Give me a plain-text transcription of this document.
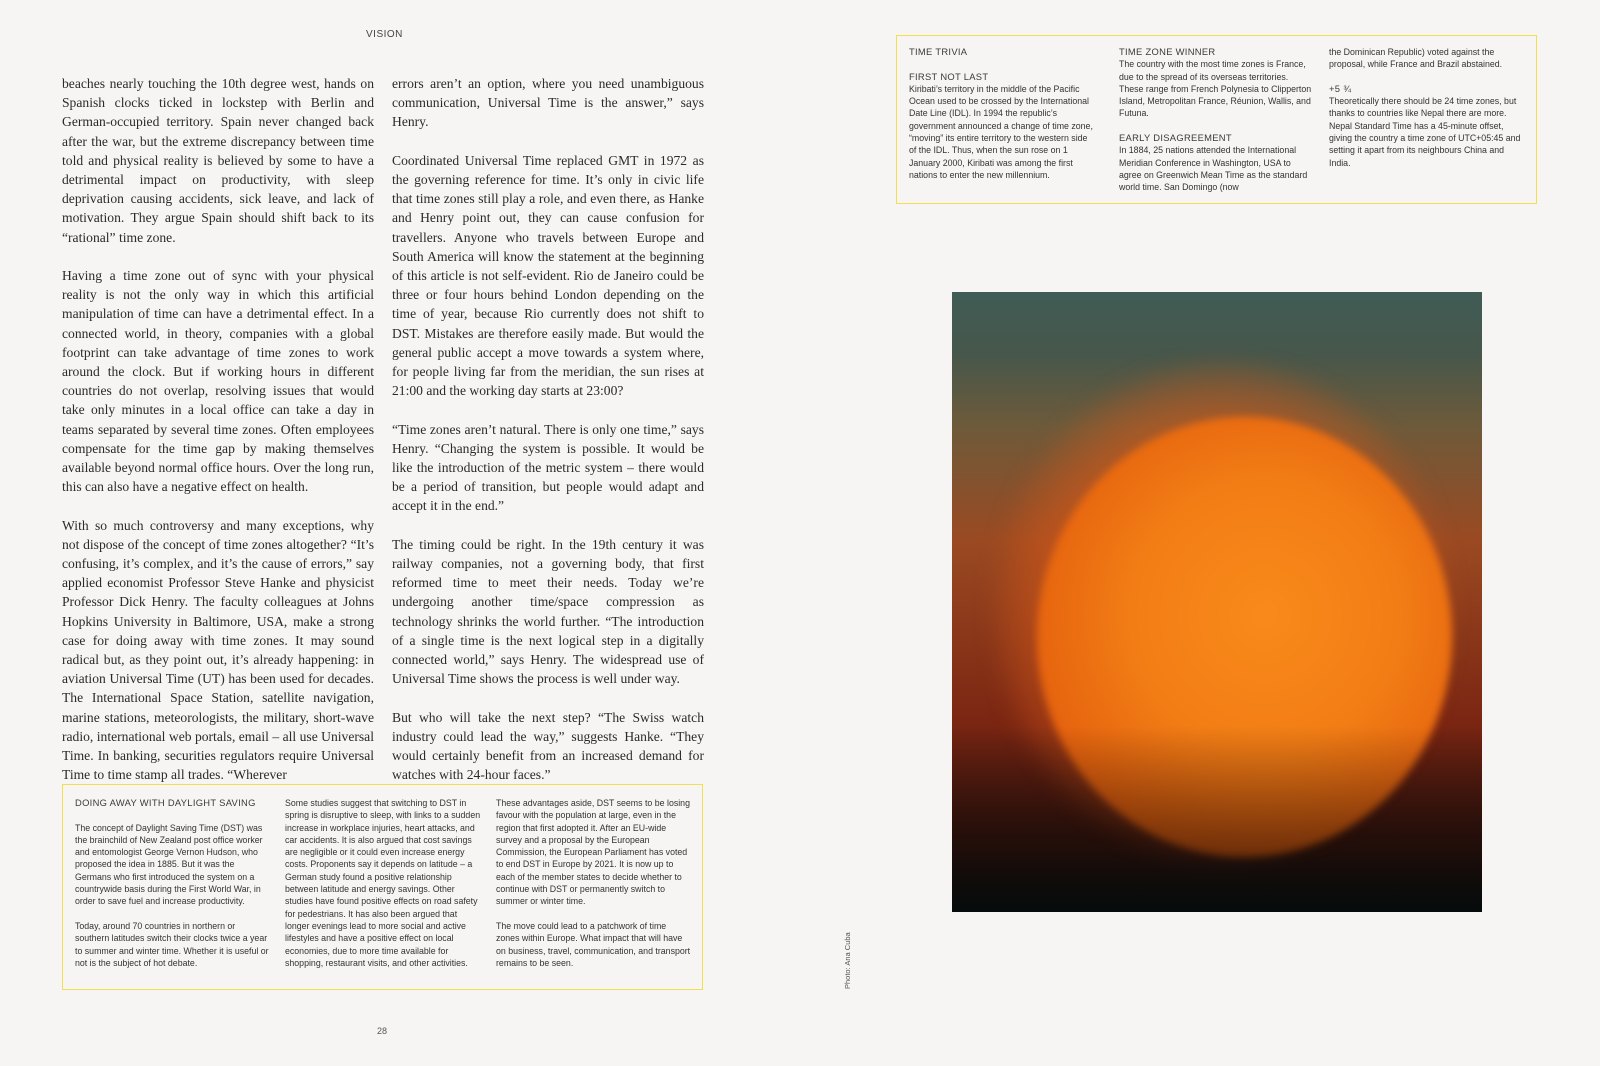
VISION

beaches nearly touching the 10th degree west, hands on Spanish clocks ticked in lockstep with Berlin and German-occupied territory. Spain never changed back after the war, but the extreme discrepancy between time told and physical reality is believed by some to have a detrimental impact on productivity, with sleep deprivation causing accidents, sick leave, and lack of motivation. They argue Spain should shift back to its “rational” time zone.

Having a time zone out of sync with your physical reality is not the only way in which this artificial manipulation of time can have a detrimental effect. In a connected world, in theory, companies with a global footprint can take advantage of time zones to work around the clock. But if working hours in different countries do not overlap, resolving issues that would take only minutes in a local office can take a day in teams separated by several time zones. Often employees compensate for the time gap by making themselves available beyond normal office hours. Over the long run, this can also have a negative effect on health.

With so much controversy and many exceptions, why not dispose of the concept of time zones altogether? “It’s confusing, it’s complex, and it’s the cause of errors,” say applied economist Professor Steve Hanke and physicist Professor Dick Henry. The faculty colleagues at Johns Hopkins University in Baltimore, USA, make a strong case for doing away with time zones. It may sound radical but, as they point out, it’s already happening: in aviation Universal Time (UT) has been used for decades. The International Space Station, satellite navigation, marine stations, meteorologists, the military, short-wave radio, international web portals, email – all use Universal Time. In banking, securities regulators require Universal Time to time stamp all trades. “Wherever

errors aren’t an option, where you need unambiguous communication, Universal Time is the answer,” says Henry.

Coordinated Universal Time replaced GMT in 1972 as the governing reference for time. It’s only in civic life that time zones still play a role, and even there, as Hanke and Henry point out, they can cause confusion for travellers. Anyone who travels between Europe and South America will know the statement at the beginning of this article is not self-evident. Rio de Janeiro could be three or four hours behind London depending on the time of year, because Rio currently does not shift to DST. Mistakes are therefore easily made. But would the general public accept a move towards a system where, for people living far from the meridian, the sun rises at 21:00 and the working day starts at 23:00?

“Time zones aren’t natural. There is only one time,” says Henry. “Changing the system is possible. It would be like the introduction of the metric system – there would be a period of transition, but people would adapt and accept it in the end.”

The timing could be right. In the 19th century it was railway companies, not a governing body, that first reformed time to meet their needs. Today we’re undergoing another time/space compression as technology shrinks the world further. “The introduction of a single time is the next logical step in a digitally connected world,” says Henry. The widespread use of Universal Time shows the process is well under way.

But who will take the next step? “The Swiss watch industry could lead the way,” suggests Hanke. “They would certainly benefit from an increased demand for watches with 24-hour faces.”

TIME TRIVIA

FIRST NOT LAST

Kiribati’s territory in the middle of the Pacific Ocean used to be crossed by the International Date Line (IDL). In 1994 the republic’s government announced a change of time zone, “moving” its entire territory to the western side of the IDL. Thus, when the sun rose on 1 January 2000, Kiribati was among the first nations to enter the new millennium.

TIME ZONE WINNER

The country with the most time zones is France, due to the spread of its overseas territories. These range from French Polynesia to Clipperton Island, Metropolitan France, Réunion, Wallis, and Futuna.

EARLY DISAGREEMENT

In 1884, 25 nations attended the International Meridian Conference in Washington, USA to agree on Greenwich Mean Time as the standard world time. San Domingo (now

the Dominican Republic) voted against the proposal, while France and Brazil abstained.

+5 ¾

Theoretically there should be 24 time zones, but thanks to countries like Nepal there are more. Nepal Standard Time has a 45-minute offset, giving the country a time zone of UTC+05:45 and setting it apart from its neighbours China and India.

DOING AWAY WITH DAYLIGHT SAVING

The concept of Daylight Saving Time (DST) was the brainchild of New Zealand post office worker and entomologist George Vernon Hudson, who proposed the idea in 1885. But it was the Germans who first introduced the system on a countrywide basis during the First World War, in order to save fuel and increase productivity.

Today, around 70 countries in northern or southern latitudes switch their clocks twice a year to summer and winter time. Whether it is useful or not is the subject of hot debate.

Some studies suggest that switching to DST in spring is disruptive to sleep, with links to a sudden increase in workplace injuries, heart attacks, and car accidents. It is also argued that cost savings are negligible or it could even increase energy costs. Proponents say it depends on latitude – a German study found a positive relationship between latitude and energy savings. Other studies have found positive effects on road safety for pedestrians. It has also been argued that longer evenings lead to more social and active lifestyles and have a positive effect on local economies, due to more time available for shopping, restaurant visits, and other activities.

These advantages aside, DST seems to be losing favour with the population at large, even in the region that first adopted it. After an EU-wide survey and a proposal by the European Commission, the European Parliament has voted to end DST in Europe by 2021. It is now up to each of the member states to decide whether to continue with DST or permanently switch to summer or winter time.

The move could lead to a patchwork of time zones within Europe. What impact that will have on business, travel, communication, and transport remains to be seen.	Photo: Ana Cuba
28
